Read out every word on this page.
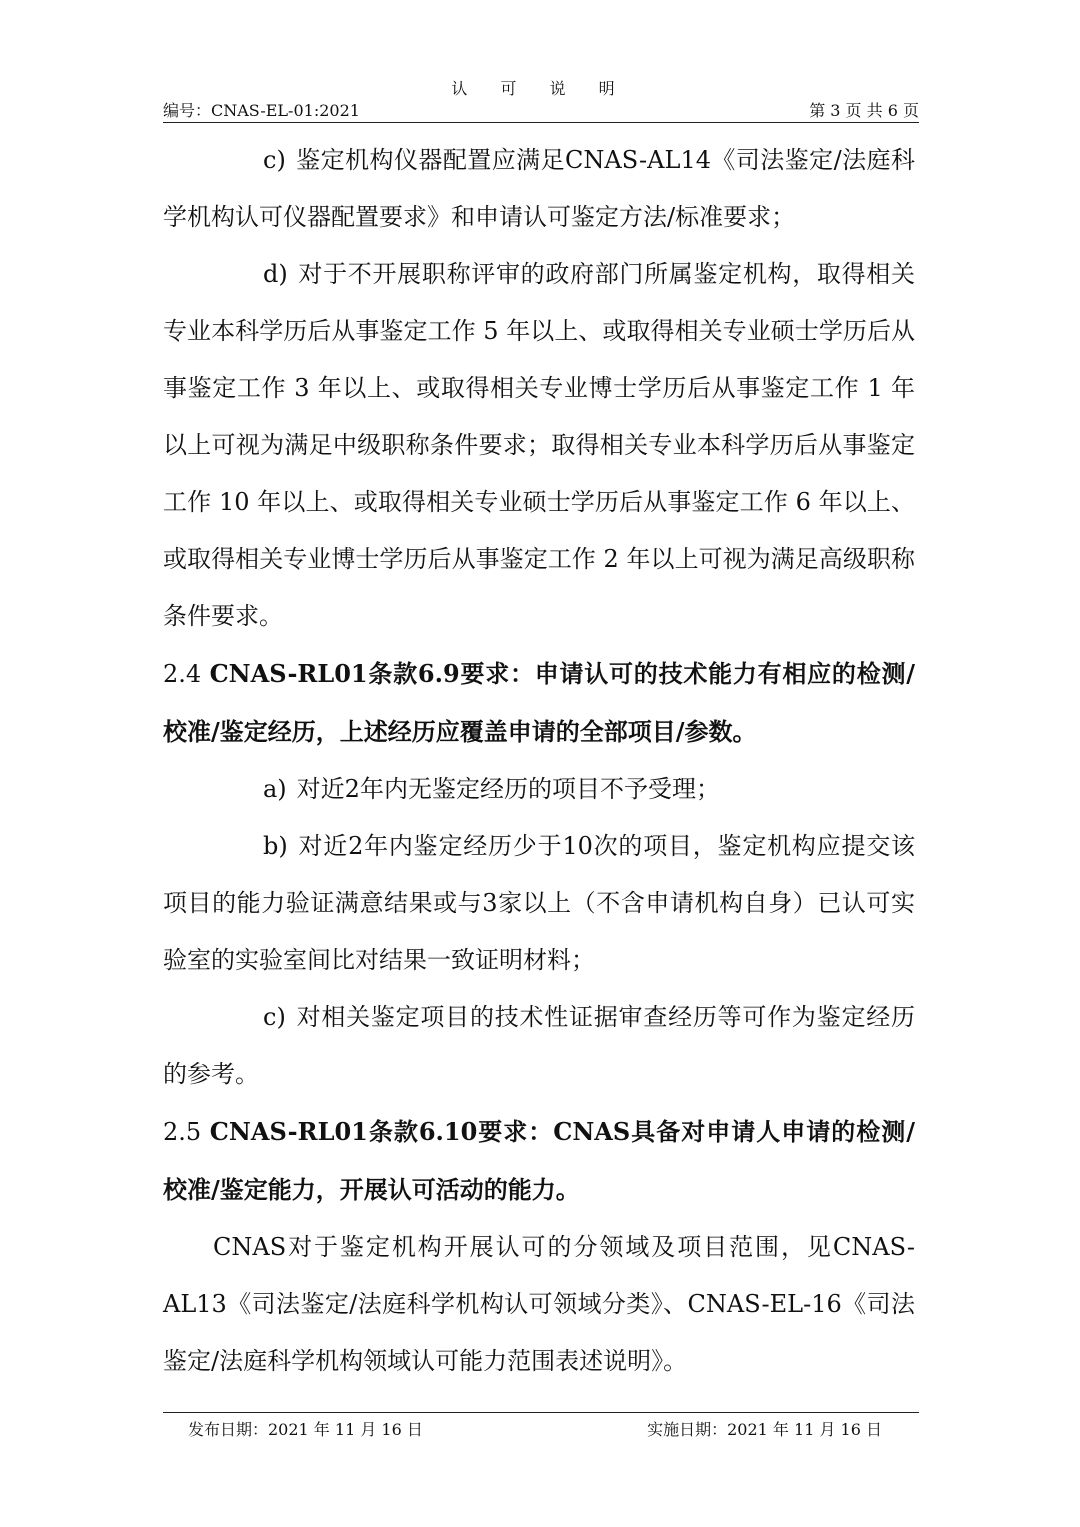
认 可 说 明
编号：CNAS-EL-01:2021	第 3 页 共 6 页

c) 鉴定机构仪器配置应满足CNAS-AL14《司法鉴定/法庭科学机构认可仪器配置要求》和申请认可鉴定方法/标准要求；

d) 对于不开展职称评审的政府部门所属鉴定机构，取得相关专业本科学历后从事鉴定工作 5 年以上、或取得相关专业硕士学历后从事鉴定工作 3 年以上、或取得相关专业博士学历后从事鉴定工作 1 年以上可视为满足中级职称条件要求；取得相关专业本科学历后从事鉴定工作 10 年以上、或取得相关专业硕士学历后从事鉴定工作 6 年以上、或取得相关专业博士学历后从事鉴定工作 2 年以上可视为满足高级职称条件要求。

2.4 CNAS-RL01条款6.9要求：申请认可的技术能力有相应的检测/校准/鉴定经历，上述经历应覆盖申请的全部项目/参数。

a) 对近2年内无鉴定经历的项目不予受理；

b) 对近2年内鉴定经历少于10次的项目，鉴定机构应提交该项目的能力验证满意结果或与3家以上（不含申请机构自身）已认可实验室的实验室间比对结果一致证明材料；

c) 对相关鉴定项目的技术性证据审查经历等可作为鉴定经历的参考。

2.5 CNAS-RL01条款6.10要求：CNAS具备对申请人申请的检测/校准/鉴定能力，开展认可活动的能力。

CNAS对于鉴定机构开展认可的分领域及项目范围，见CNAS-AL13《司法鉴定/法庭科学机构认可领域分类》、CNAS-EL-16《司法鉴定/法庭科学机构领域认可能力范围表述说明》。

发布日期：2021 年 11 月 16 日	实施日期：2021 年 11 月 16 日
